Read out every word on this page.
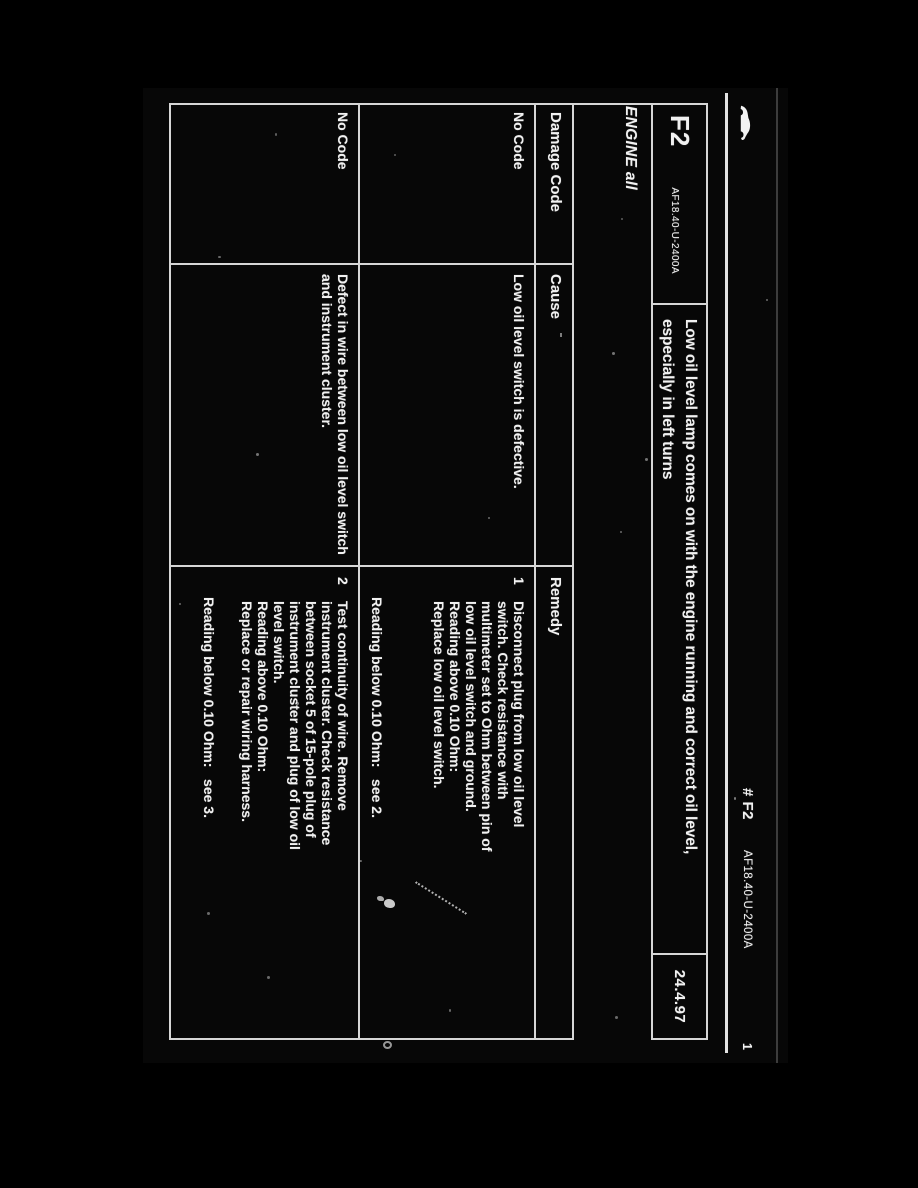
# F2
AF18.40-U-2400A
1
F2
AF18.40-U-2400A
Low oil level lamp comes on with the engine running and correct oil level,
especially in left turns
24.4.97
ENGINE all
Damage Code
Cause
Remedy
No Code
Low oil level switch is defective.
1
Disconnect plug from low oil level
switch. Check resistance with
multimeter set to Ohm between pin of
low oil level switch and ground.
Reading above 0.10 Ohm:
Replace low oil level switch.
Reading below 0.10 Ohm:   see 2.
No Code
Defect in wire between low oil level switch
and instrument cluster.
2
Test continuity of wire. Remove
instrument cluster. Check resistance
between socket 5 of 15-pole plug of
instrument cluster and plug of low oil
level switch.
Reading above 0.10 Ohm:
Replace or repair wiring harness.
Reading below 0.10 Ohm:   see 3.
